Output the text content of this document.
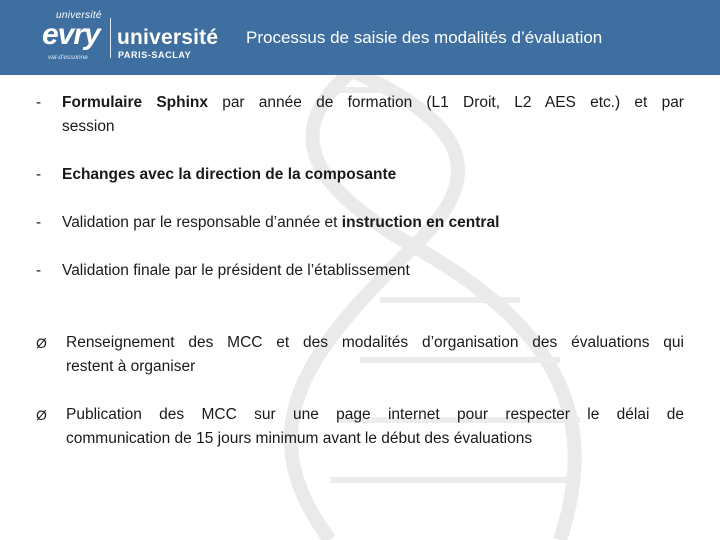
université
evry
val-d'essonne
université
PARIS-SACLAY
Processus de saisie des modalités d’évaluation
-	Formulaire Sphinx par année de formation (L1 Droit, L2 AES etc.) et par
session
-	Echanges avec la direction de la composante
-	Validation par le responsable d’année et instruction en central
-	Validation finale par le président de l’établissement
Ø	Renseignement des MCC et des modalités d’organisation des évaluations qui
restent à organiser
Ø	Publication des MCC sur une page internet pour respecter le délai de
communication de 15 jours minimum avant le début des évaluations
